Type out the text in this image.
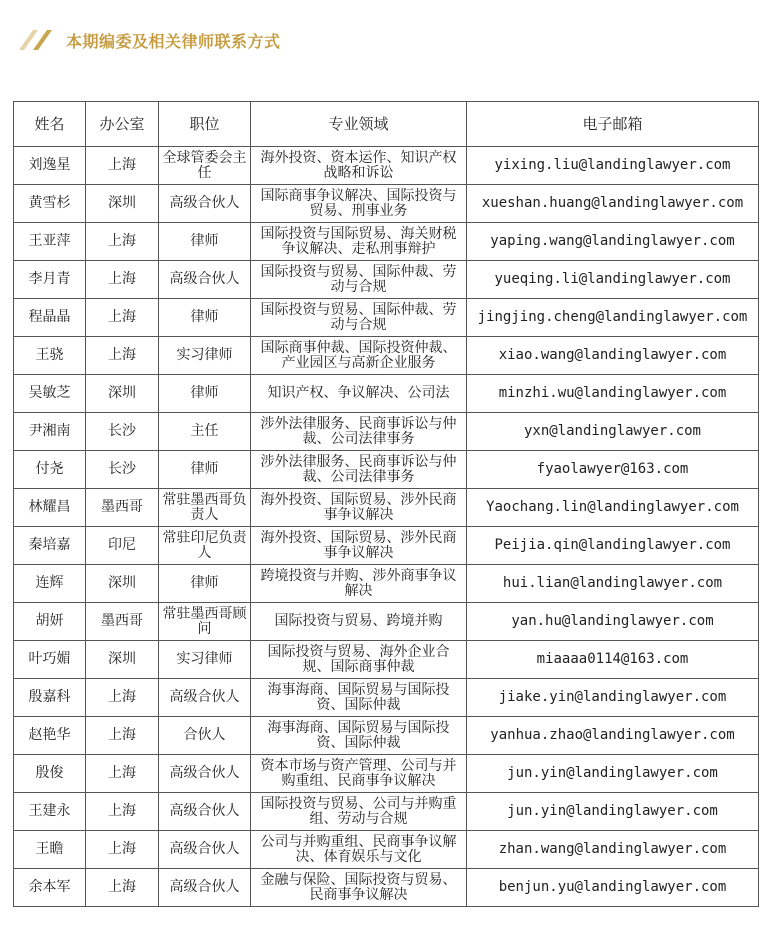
本期编委及相关律师联系方式
姓名	办公室	职位	专业领域	电子邮箱
刘逸星	上海	全球管委会主任	海外投资、资本运作、知识产权战略和诉讼	yixing.liu@landinglawyer.com
黄雪杉	深圳	高级合伙人	国际商事争议解决、国际投资与贸易、刑事业务	xueshan.huang@landinglawyer.com
王亚萍	上海	律师	国际投资与国际贸易、海关财税争议解决、走私刑事辩护	yaping.wang@landinglawyer.com
李月青	上海	高级合伙人	国际投资与贸易、国际仲裁、劳动与合规	yueqing.li@landinglawyer.com
程晶晶	上海	律师	国际投资与贸易、国际仲裁、劳动与合规	jingjing.cheng@landinglawyer.com
王骁	上海	实习律师	国际商事仲裁、国际投资仲裁、产业园区与高新企业服务	xiao.wang@landinglawyer.com
吴敏芝	深圳	律师	知识产权、争议解决、公司法	minzhi.wu@landinglawyer.com
尹湘南	长沙	主任	涉外法律服务、民商事诉讼与仲裁、公司法律事务	yxn@landinglawyer.com
付尧	长沙	律师	涉外法律服务、民商事诉讼与仲裁、公司法律事务	fyaolawyer@163.com
林耀昌	墨西哥	常驻墨西哥负责人	海外投资、国际贸易、涉外民商事争议解决	Yaochang.lin@landinglawyer.com
秦培嘉	印尼	常驻印尼负责人	海外投资、国际贸易、涉外民商事争议解决	Peijia.qin@landinglawyer.com
连辉	深圳	律师	跨境投资与并购、涉外商事争议解决	hui.lian@landinglawyer.com
胡妍	墨西哥	常驻墨西哥顾问	国际投资与贸易、跨境并购	yan.hu@landinglawyer.com
叶巧媚	深圳	实习律师	国际投资与贸易、海外企业合规、国际商事仲裁	miaaaa0114@163.com
殷嘉科	上海	高级合伙人	海事海商、国际贸易与国际投资、国际仲裁	jiake.yin@landinglawyer.com
赵艳华	上海	合伙人	海事海商、国际贸易与国际投资、国际仲裁	yanhua.zhao@landinglawyer.com
殷俊	上海	高级合伙人	资本市场与资产管理、公司与并购重组、民商事争议解决	jun.yin@landinglawyer.com
王建永	上海	高级合伙人	国际投资与贸易、公司与并购重组、劳动与合规	jun.yin@landinglawyer.com
王瞻	上海	高级合伙人	公司与并购重组、民商事争议解决、体育娱乐与文化	zhan.wang@landinglawyer.com
余本军	上海	高级合伙人	金融与保险、国际投资与贸易、民商事争议解决	benjun.yu@landinglawyer.com
